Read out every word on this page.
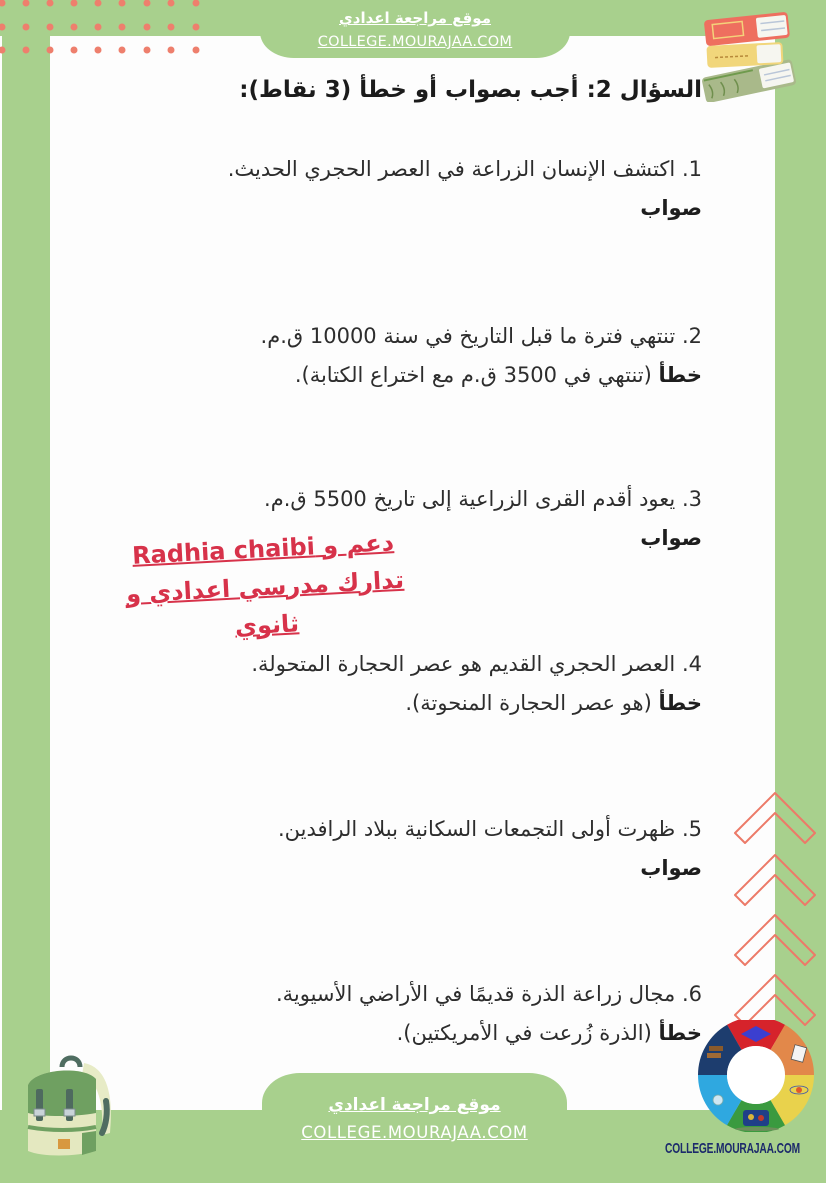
موقع مراجعة اعدادي
COLLEGE.MOURAJAA.COM
السؤال 2: أجب بصواب أو خطأ (3 نقاط):
1. اكتشف الإنسان الزراعة في العصر الحجري الحديث.
صواب
2. تنتهي فترة ما قبل التاريخ في سنة 10000 ق.م.
خطأ (تنتهي في 3500 ق.م مع اختراع الكتابة).
3. يعود أقدم القرى الزراعية إلى تاريخ 5500 ق.م.
صواب
4. العصر الحجري القديم هو عصر الحجارة المتحولة.
خطأ (هو عصر الحجارة المنحوتة).
5. ظهرت أولى التجمعات السكانية ببلاد الرافدين.
صواب
6. مجال زراعة الذرة قديمًا في الأراضي الأسيوية.
خطأ (الذرة زُرعت في الأمريكتين).
دعم و Radhia chaibi
تدارك مدرسي اعدادي و
ثانوي
موقع مراجعة اعدادي
COLLEGE.MOURAJAA.COM
COLLEGE.MOURAJAA.COM
